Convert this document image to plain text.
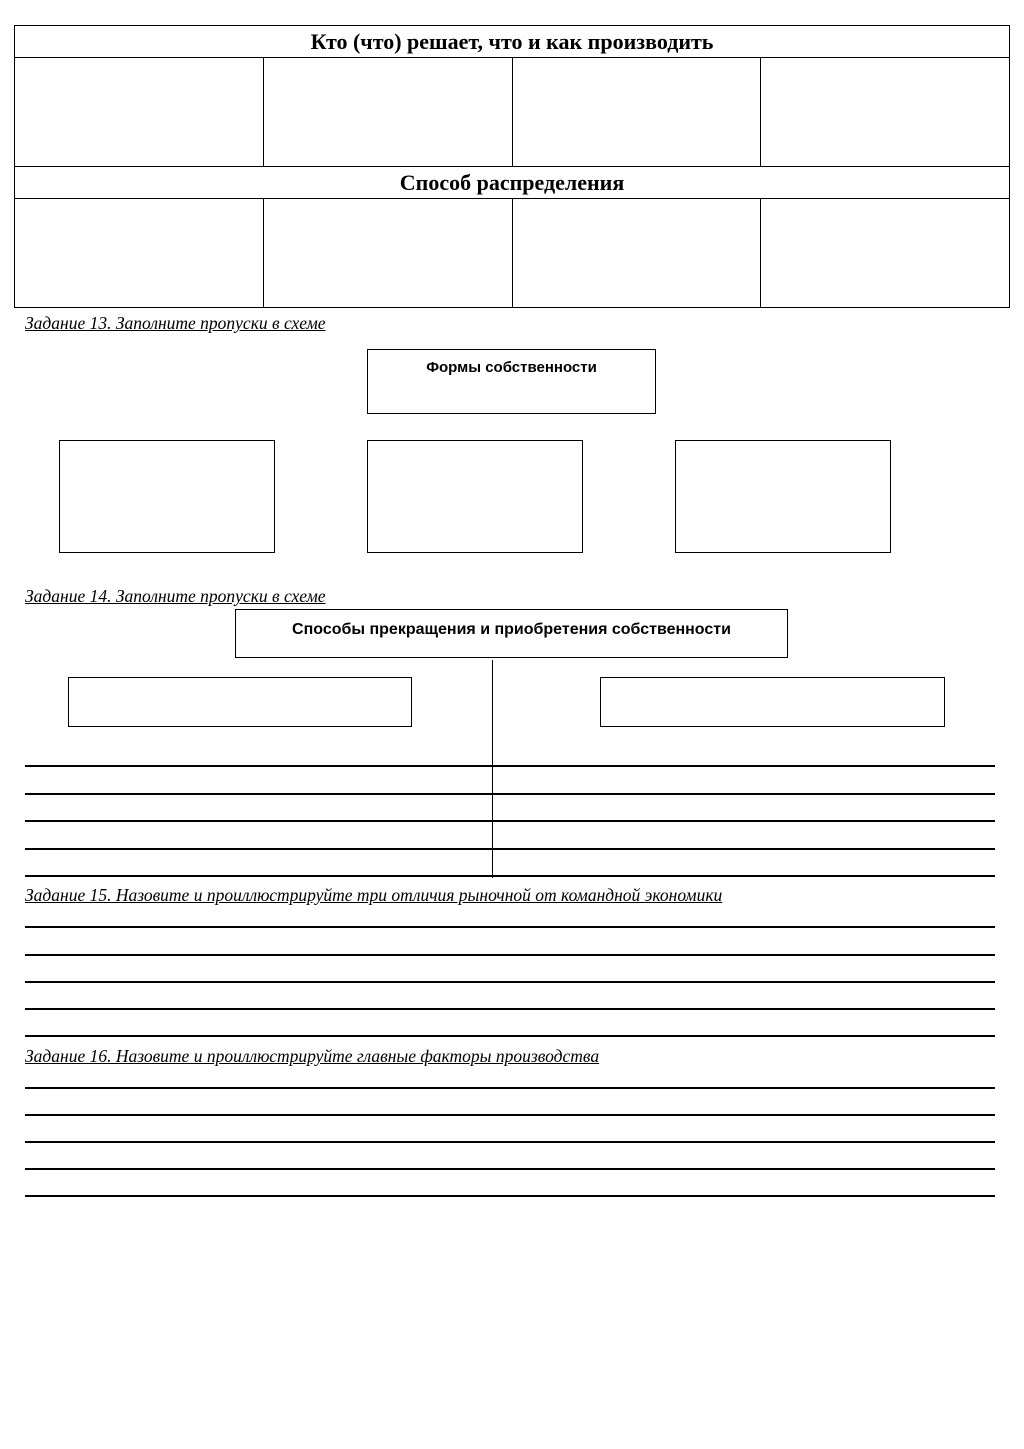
Кто (что) решает, что и как производить			

Способ распределения			

Задание 13. Заполните пропуски в схеме
Формы собственности
Задание 14. Заполните пропуски в схеме
Способы прекращения и приобретения собственности
Задание 15. Назовите и проиллюстрируйте три отличия рыночной от командной экономики
Задание 16. Назовите и проиллюстрируйте главные факторы производства
